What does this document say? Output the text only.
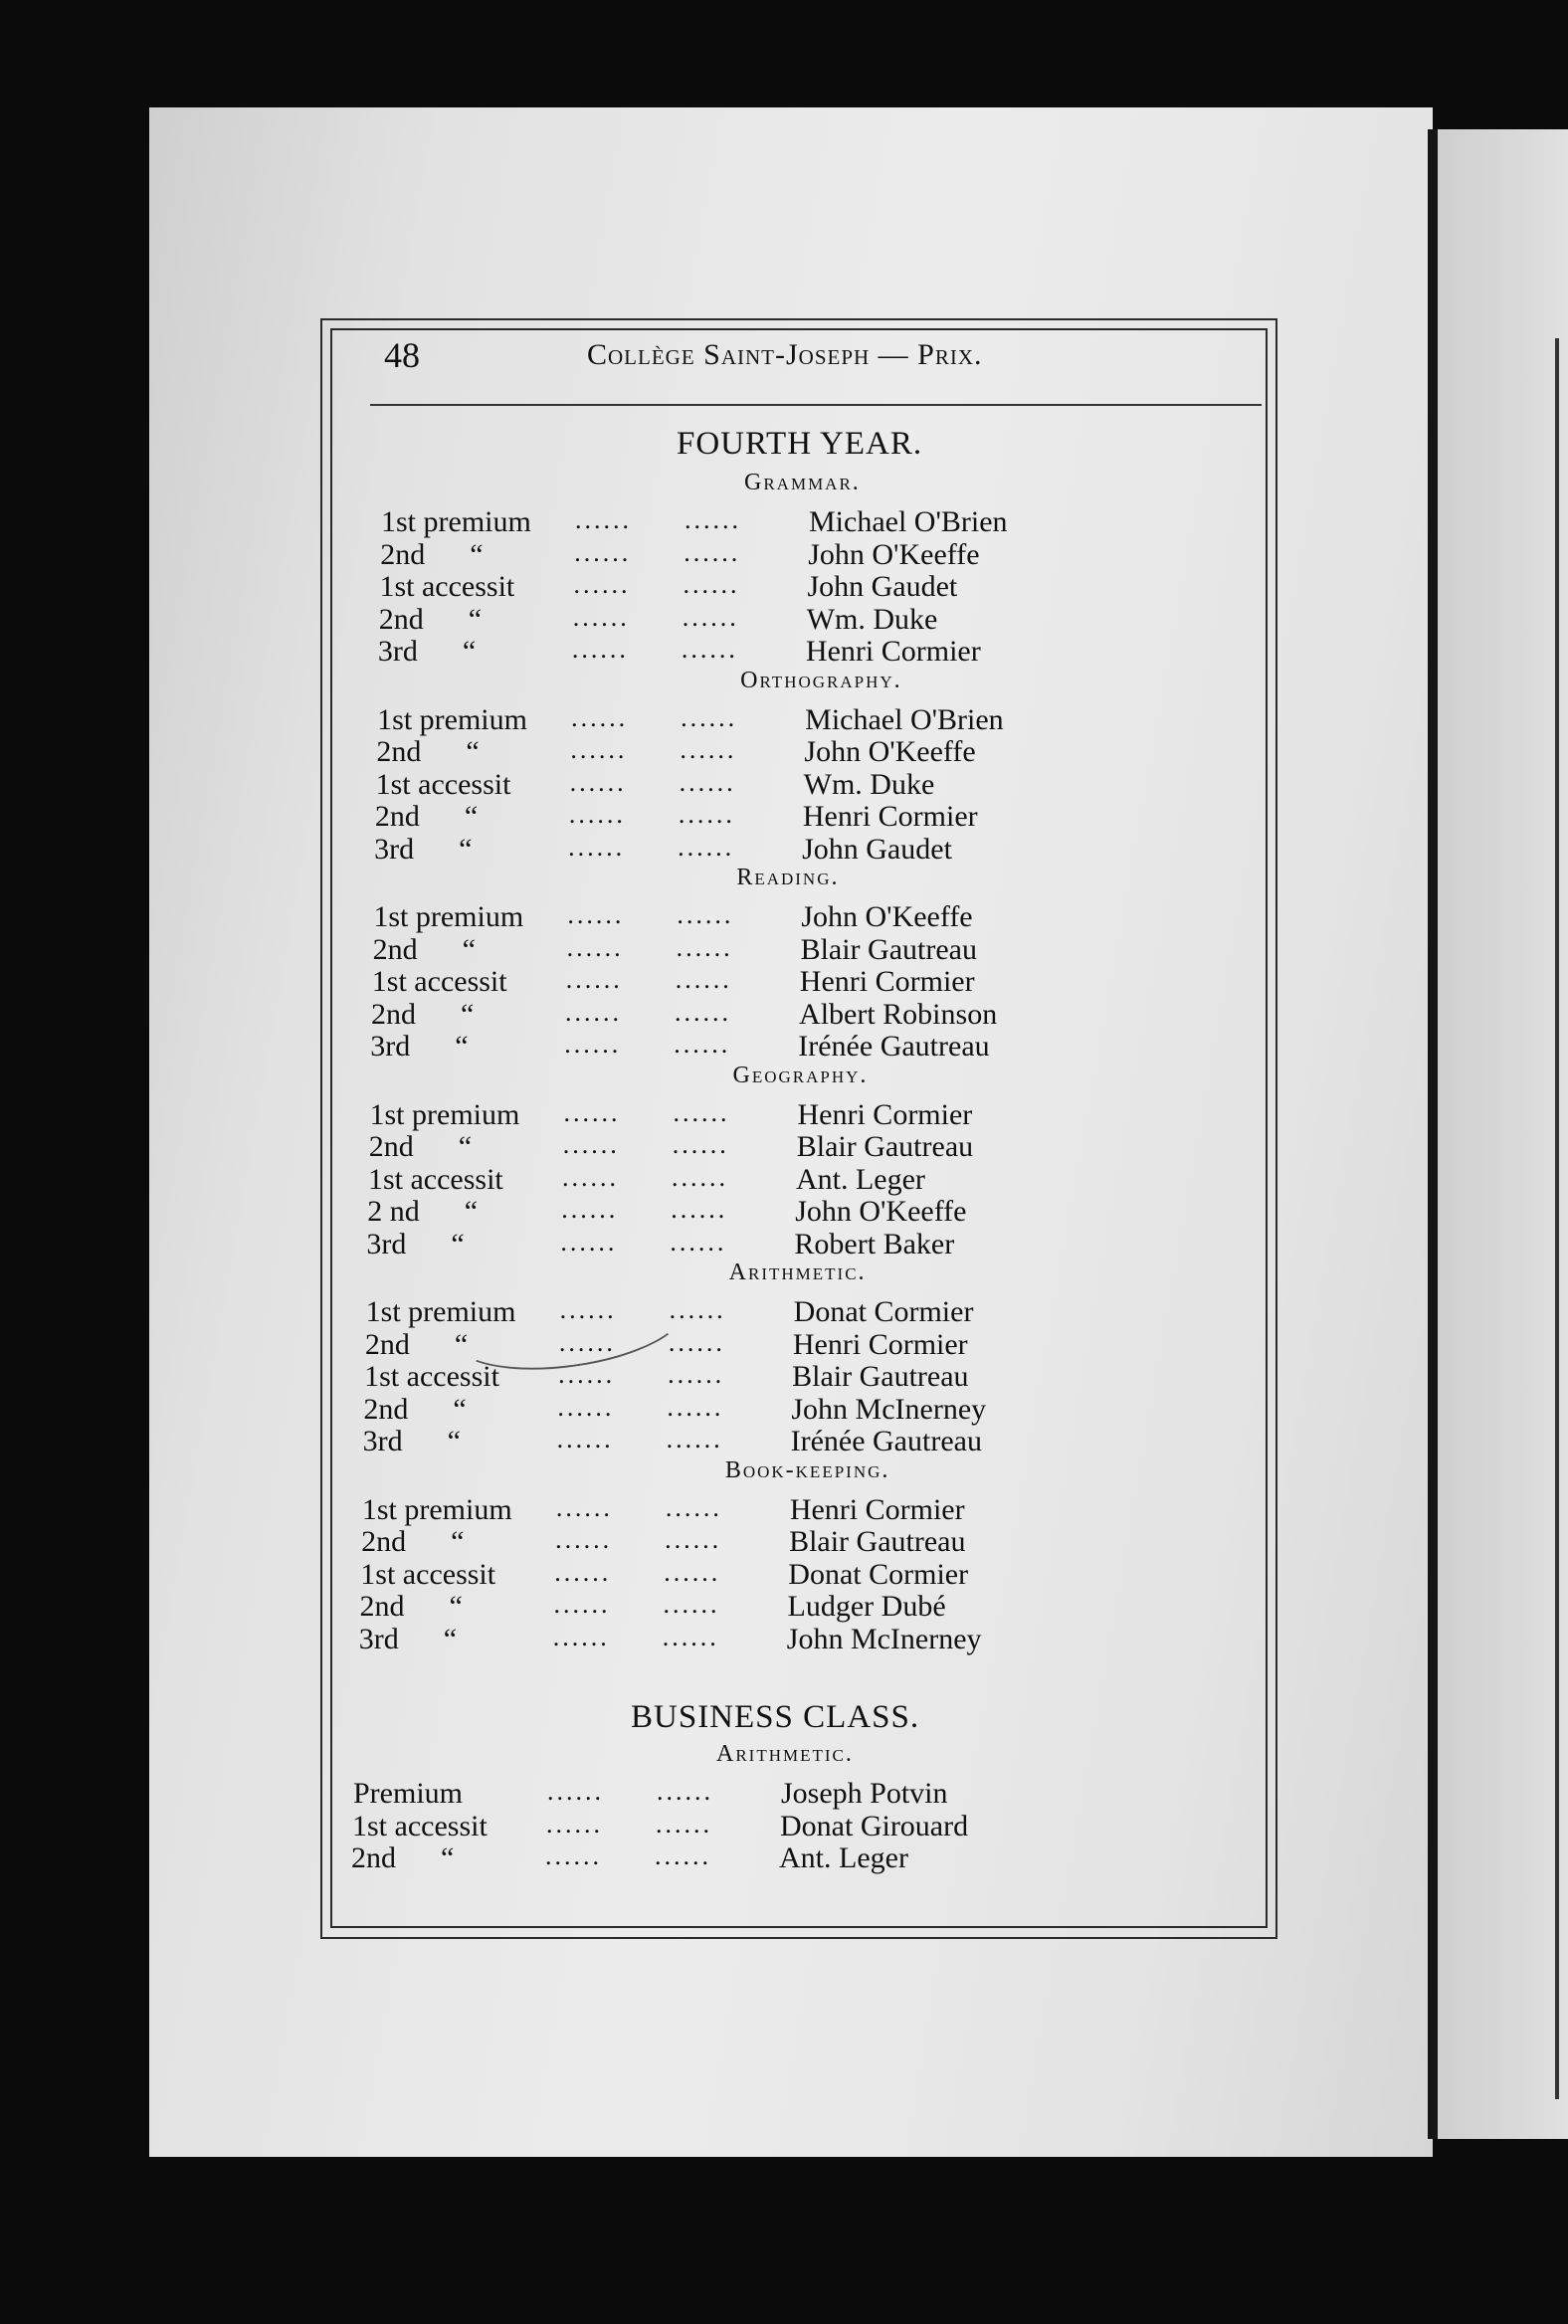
48	Collège Saint-Joseph — Prix.
FOURTH YEAR.
Grammar.
1st premium ...... ...... Michael O'Brien
2nd      “	...... ...... John O'Keeffe
1st accessit ...... ...... John Gaudet
2nd      “	...... ...... Wm. Duke
3rd      “	...... ...... Henri Cormier
Orthography.
1st premium ...... ...... Michael O'Brien
2nd      “	...... ...... John O'Keeffe
1st accessit ...... ...... Wm. Duke
2nd      “	...... ...... Henri Cormier
3rd      “	...... ...... John Gaudet
Reading.
1st premium ...... ...... John O'Keeffe
2nd      “	...... ...... Blair Gautreau
1st accessit ...... ...... Henri Cormier
2nd      “	...... ...... Albert Robinson
3rd      “	...... ...... Irénée Gautreau
Geography.
1st premium ...... ...... Henri Cormier
2nd      “	...... ...... Blair Gautreau
1st accessit ...... ...... Ant. Leger
2 nd      “	...... ...... John O'Keeffe
3rd      “	...... ...... Robert Baker
Arithmetic.
1st premium ...... ...... Donat Cormier
2nd      “	...... ...... Henri Cormier
1st accessit ...... ...... Blair Gautreau
2nd      “	...... ...... John McInerney
3rd      “	...... ...... Irénée Gautreau
Book-keeping.
1st premium ...... ...... Henri Cormier
2nd      “	...... ...... Blair Gautreau
1st accessit ...... ...... Donat Cormier
2nd      “	...... ...... Ludger Dubé
3rd      “	...... ...... John McInerney
BUSINESS CLASS.
Arithmetic.
Premium	...... ...... Joseph Potvin
1st accessit ...... ...... Donat Girouard
2nd      “	...... ...... Ant. Leger
